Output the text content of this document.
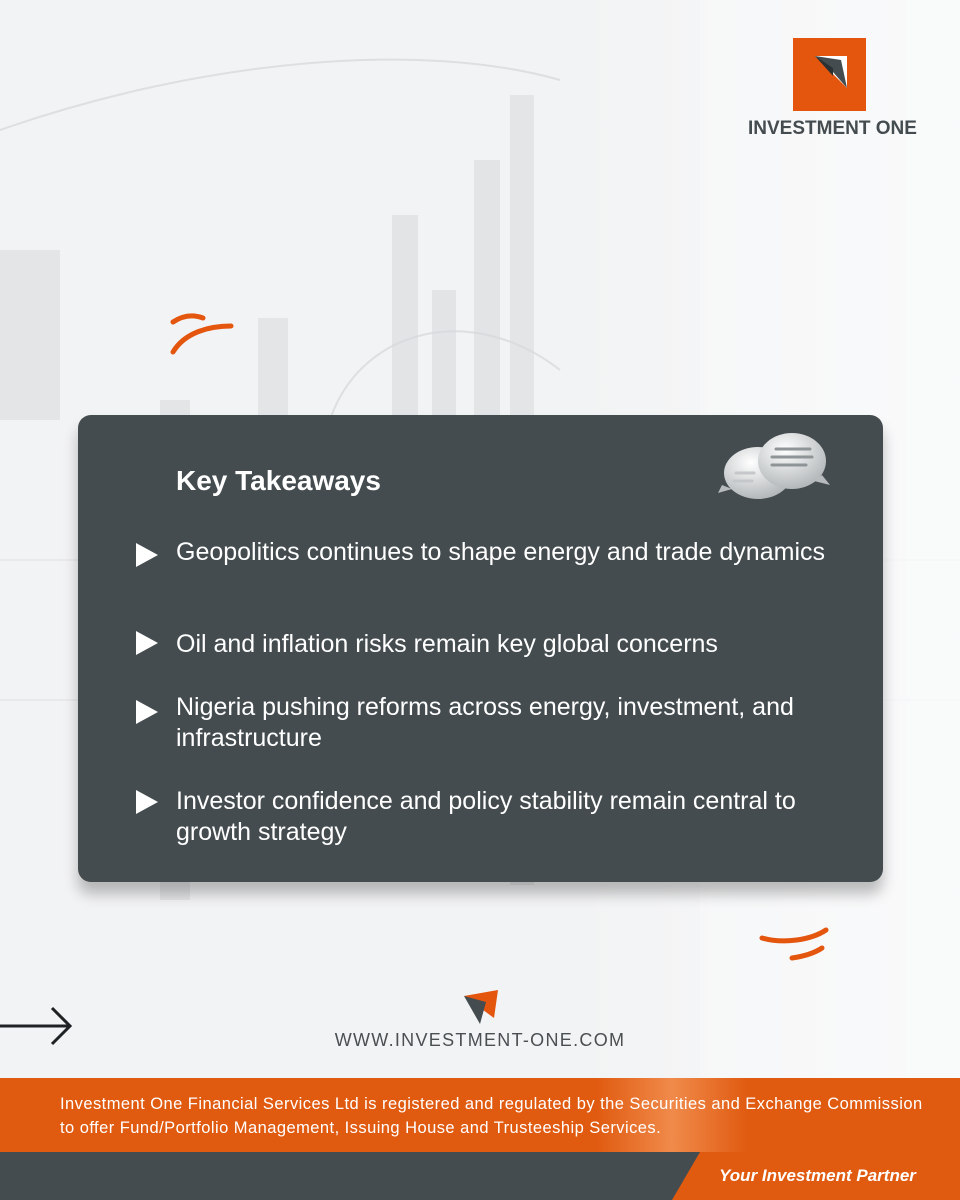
INVESTMENT ONE
Key Takeaways
Geopolitics continues to shape energy and trade dynamics
Oil and inflation risks remain key global concerns
Nigeria pushing reforms across energy, investment, and infrastructure
Investor confidence and policy stability remain central to growth strategy
WWW.INVESTMENT-ONE.COM
Investment One Financial Services Ltd is registered and regulated by the Securities and Exchange Commission to offer Fund/Portfolio Management, Issuing House and Trusteeship Services.
Your Investment Partner
